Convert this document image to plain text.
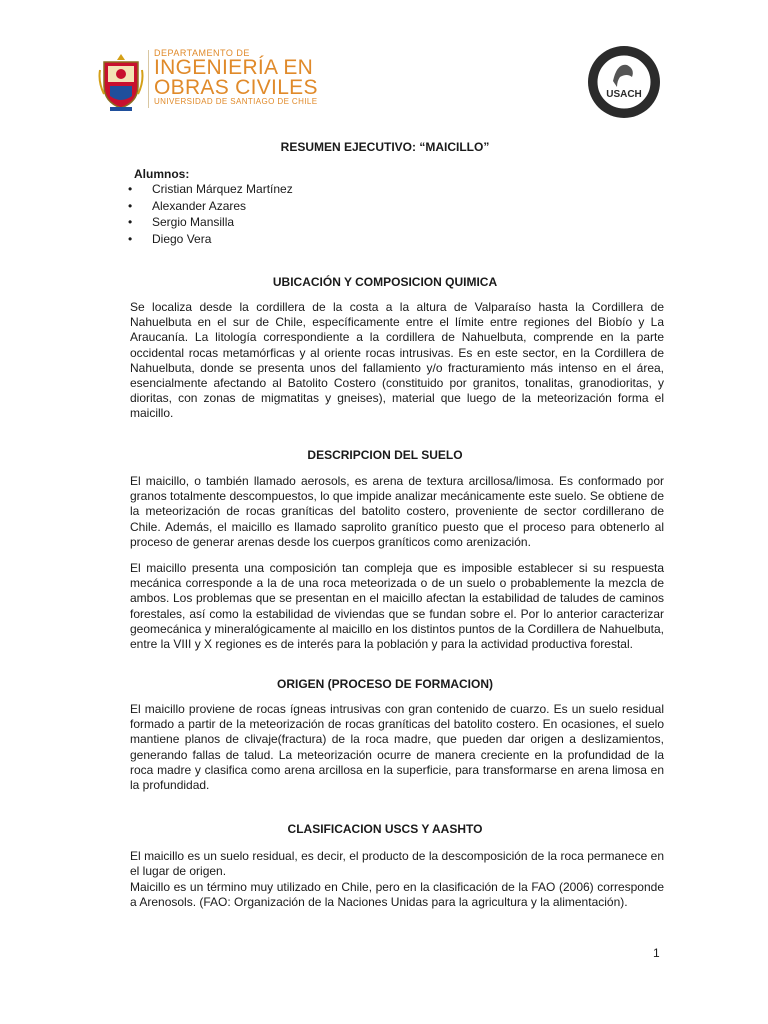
DEPARTAMENTO DE
INGENIERÍA EN
OBRAS CIVILES
UNIVERSIDAD DE SANTIAGO DE CHILE
USACH
RESUMEN EJECUTIVO: “MAICILLO”
Alumnos:
• Cristian Márquez Martínez
• Alexander Azares
• Sergio Mansilla
• Diego Vera
UBICACIÓN Y COMPOSICION QUIMICA

Se localiza desde la cordillera de la costa a la altura de Valparaíso hasta la Cordillera de Nahuelbuta en el sur de Chile, específicamente entre el límite entre regiones del Biobío y La Araucanía. La litología correspondiente a la cordillera de Nahuelbuta, comprende en la parte occidental rocas metamórficas y al oriente rocas intrusivas. Es en este sector, en la Cordillera de Nahuelbuta, donde se presenta unos del fallamiento y/o fracturamiento más intenso en el área, esencialmente afectando al Batolito Costero (constituido por granitos, tonalitas, granodioritas, y dioritas, con zonas de migmatitas y gneises), material que luego de la meteorización forma el maicillo.

DESCRIPCION DEL SUELO

El maicillo, o también llamado aerosols, es arena de textura arcillosa/limosa. Es conformado por granos totalmente descompuestos, lo que impide analizar mecánicamente este suelo. Se obtiene de la meteorización de rocas graníticas del batolito costero, proveniente de sector cordillerano de Chile. Además, el maicillo es llamado saprolito granítico puesto que el proceso para obtenerlo al proceso de generar arenas desde los cuerpos graníticos como arenización.

El maicillo presenta una composición tan compleja que es imposible establecer si su respuesta mecánica corresponde a la de una roca meteorizada o de un suelo o probablemente la mezcla de ambos. Los problemas que se presentan en el maicillo afectan la estabilidad de taludes de caminos forestales, así como la estabilidad de viviendas que se fundan sobre el. Por lo anterior caracterizar geomecánica y mineralógicamente al maicillo en los distintos puntos de la Cordillera de Nahuelbuta, entre la VIII y X regiones es de interés para la población y para la actividad productiva forestal.

ORIGEN (PROCESO DE FORMACION)

El maicillo proviene de rocas ígneas intrusivas con gran contenido de cuarzo. Es un suelo residual formado a partir de la meteorización de rocas graníticas del batolito costero. En ocasiones, el suelo mantiene planos de clivaje(fractura) de la roca madre, que pueden dar origen a deslizamientos, generando fallas de talud. La meteorización ocurre de manera creciente en la profundidad de la roca madre y clasifica como arena arcillosa en la superficie, para transformarse en arena limosa en la profundidad.

CLASIFICACION USCS Y AASHTO

El maicillo es un suelo residual, es decir, el producto de la descomposición de la roca permanece en el lugar de origen.

Maicillo es un término muy utilizado en Chile, pero en la clasificación de la FAO (2006) corresponde a Arenosols. (FAO: Organización de la Naciones Unidas para la agricultura y la alimentación).

1
